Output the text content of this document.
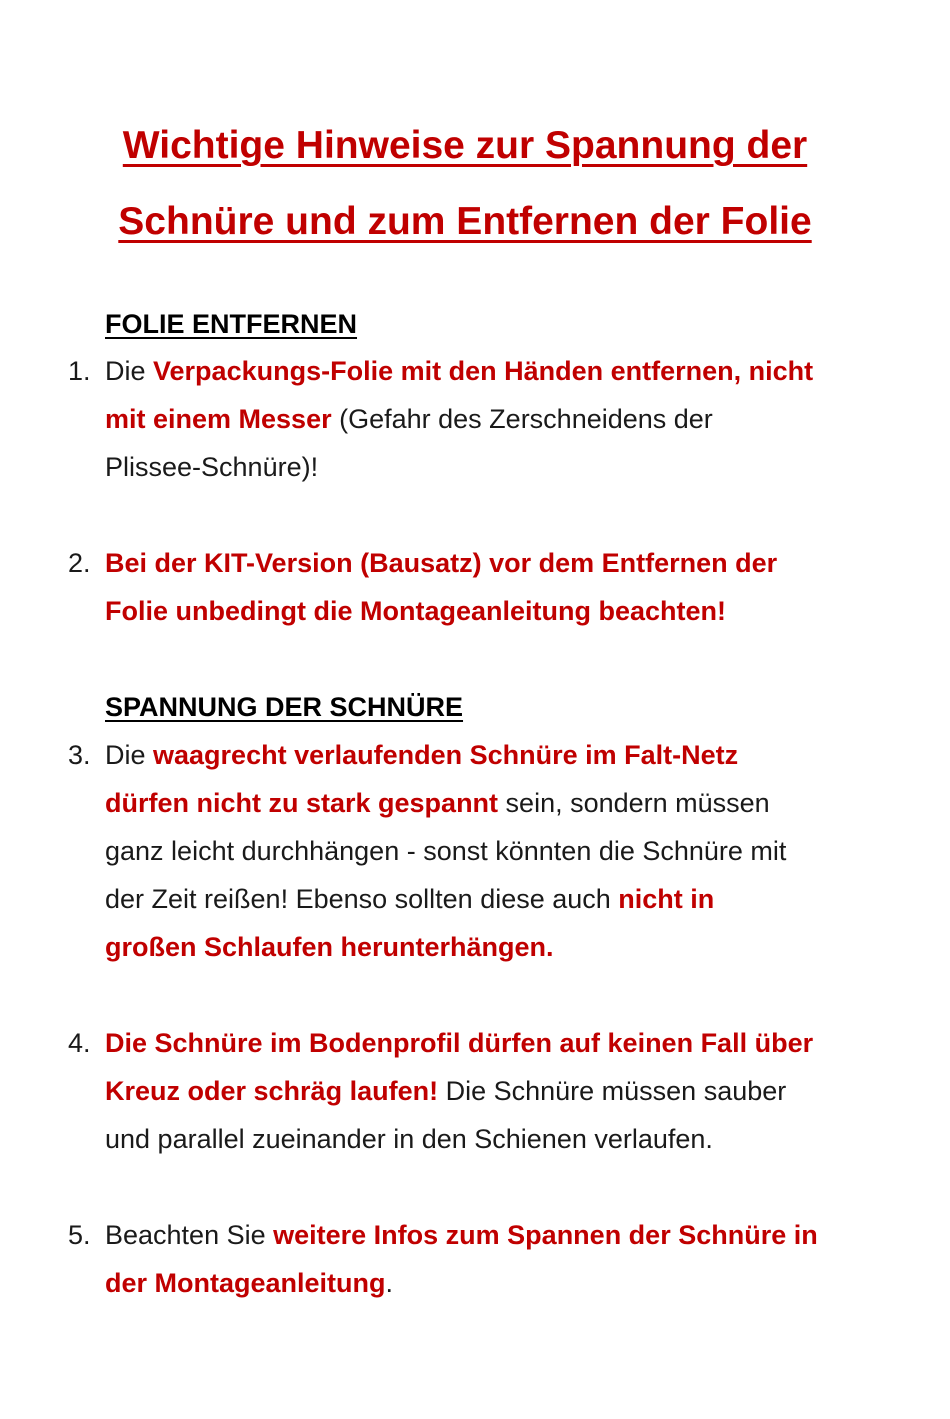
Wichtige Hinweise zur Spannung der
Schnüre und zum Entfernen der Folie
FOLIE ENTFERNEN
1. Die Verpackungs-Folie mit den Händen entfernen, nicht
mit einem Messer (Gefahr des Zerschneidens der
Plissee-Schnüre)!
2. Bei der KIT-Version (Bausatz) vor dem Entfernen der
Folie unbedingt die Montageanleitung beachten!
SPANNUNG DER SCHNÜRE
3. Die waagrecht verlaufenden Schnüre im Falt-Netz
dürfen nicht zu stark gespannt sein, sondern müssen
ganz leicht durchhängen - sonst könnten die Schnüre mit
der Zeit reißen! Ebenso sollten diese auch nicht in
großen Schlaufen herunterhängen.
4. Die Schnüre im Bodenprofil dürfen auf keinen Fall über
Kreuz oder schräg laufen! Die Schnüre müssen sauber
und parallel zueinander in den Schienen verlaufen.
5. Beachten Sie weitere Infos zum Spannen der Schnüre in
der Montageanleitung.
